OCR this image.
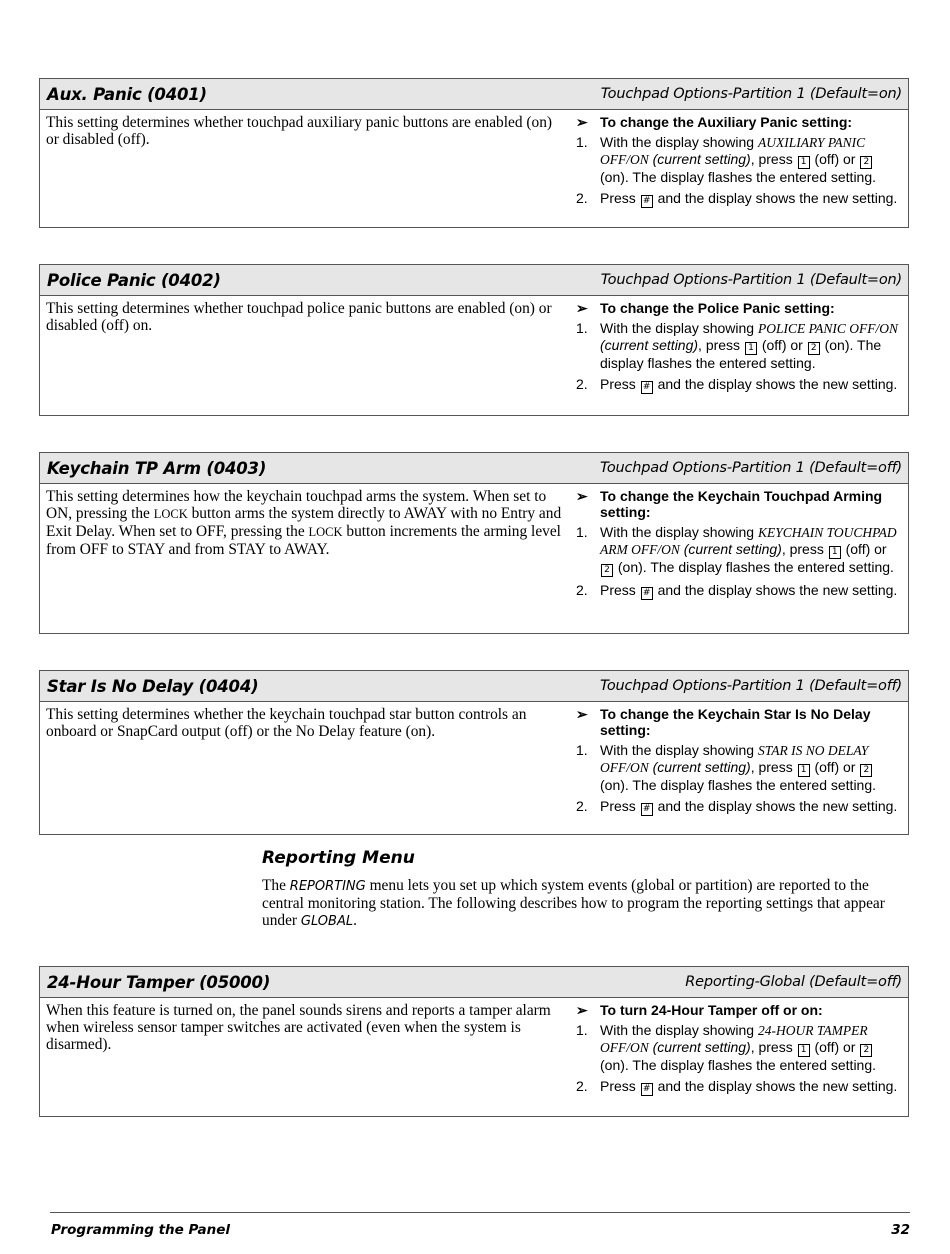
Aux. Panic (0401)	Touchpad Options-Partition 1 (Default=on)
This setting determines whether touchpad auxiliary panic buttons are enabled (on) or disabled (off).
➢ To change the Auxiliary Panic setting:
1. With the display showing AUXILIARY PANIC OFF/ON (current setting), press 1 (off) or 2 (on). The display flashes the entered setting.
2. Press # and the display shows the new setting.
Police Panic (0402)	Touchpad Options-Partition 1 (Default=on)
This setting determines whether touchpad police panic buttons are enabled (on) or disabled (off) on.
➢ To change the Police Panic setting:
1. With the display showing POLICE PANIC OFF/ON (current setting), press 1 (off) or 2 (on). The display flashes the entered setting.
2. Press # and the display shows the new setting.
Keychain TP Arm (0403)	Touchpad Options-Partition 1 (Default=off)
This setting determines how the keychain touchpad arms the system. When set to ON, pressing the LOCK button arms the system directly to AWAY with no Entry and Exit Delay. When set to OFF, pressing the LOCK button increments the arming level from OFF to STAY and from STAY to AWAY.
➢ To change the Keychain Touchpad Arming setting:
1. With the display showing KEYCHAIN TOUCHPAD ARM OFF/ON (current setting), press 1 (off) or 2 (on). The display flashes the entered setting.
2. Press # and the display shows the new setting.
Star Is No Delay (0404)	Touchpad Options-Partition 1 (Default=off)
This setting determines whether the keychain touchpad star button controls an onboard or SnapCard output (off) or the No Delay feature (on).
➢ To change the Keychain Star Is No Delay setting:
1. With the display showing STAR IS NO DELAY OFF/ON (current setting), press 1 (off) or 2 (on). The display flashes the entered setting.
2. Press # and the display shows the new setting.
Reporting Menu
The REPORTING menu lets you set up which system events (global or partition) are reported to the central monitoring station. The following describes how to program the reporting settings that appear under GLOBAL.
24-Hour Tamper (05000)	Reporting-Global (Default=off)
When this feature is turned on, the panel sounds sirens and reports a tamper alarm when wireless sensor tamper switches are activated (even when the system is disarmed).
➢ To turn 24-Hour Tamper off or on:
1. With the display showing 24-HOUR TAMPER OFF/ON (current setting), press 1 (off) or 2 (on). The display flashes the entered setting.
2. Press # and the display shows the new setting.
Programming the Panel	32
